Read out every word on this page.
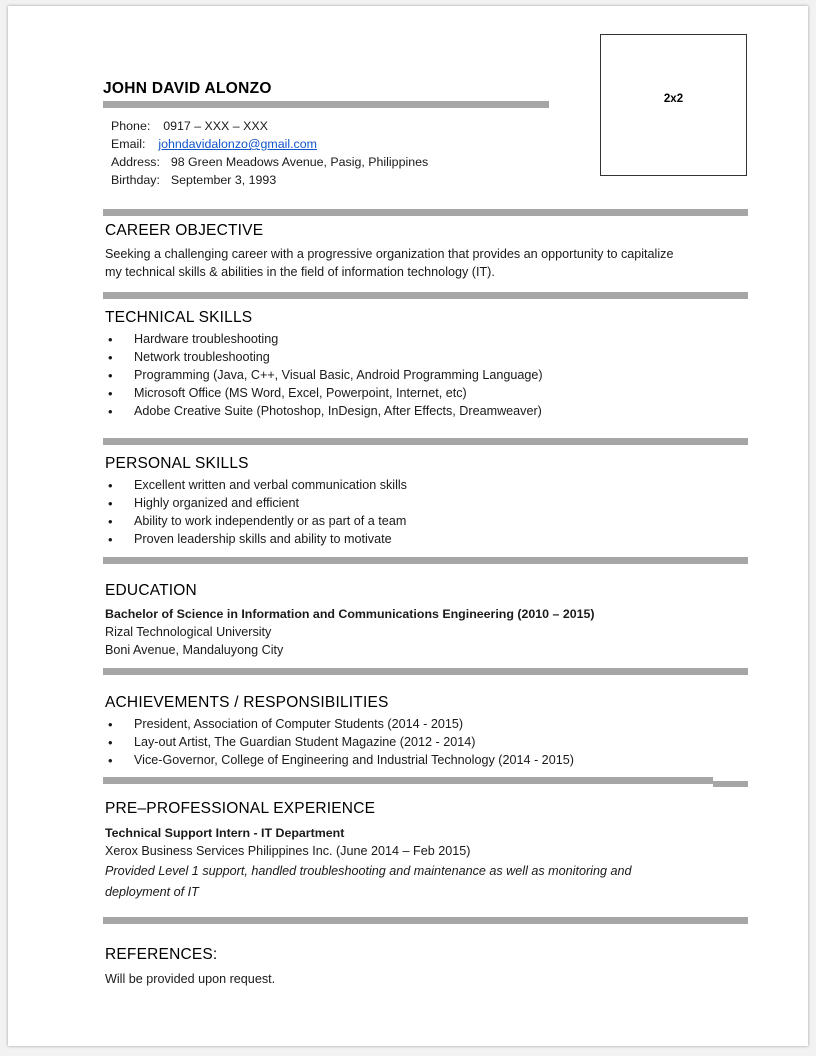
JOHN DAVID ALONZO
2x2
Phone: 0917 – XXX – XXX
Email: johndavidalonzo@gmail.com
Address: 98 Green Meadows Avenue, Pasig, Philippines
Birthday: September 3, 1993
CAREER OBJECTIVE
Seeking a challenging career with a progressive organization that provides an opportunity to capitalize
my technical skills & abilities in the field of information technology (IT).
TECHNICAL SKILLS
•	Hardware troubleshooting
•	Network troubleshooting
•	Programming (Java, C++, Visual Basic, Android Programming Language)
•	Microsoft Office (MS Word, Excel, Powerpoint, Internet, etc)
•	Adobe Creative Suite (Photoshop, InDesign, After Effects, Dreamweaver)
PERSONAL SKILLS
•	Excellent written and verbal communication skills
•	Highly organized and efficient
•	Ability to work independently or as part of a team
•	Proven leadership skills and ability to motivate
EDUCATION
Bachelor of Science in Information and Communications Engineering (2010 – 2015)
Rizal Technological University
Boni Avenue, Mandaluyong City
ACHIEVEMENTS / RESPONSIBILITIES
•	President, Association of Computer Students (2014 - 2015)
•	Lay-out Artist, The Guardian Student Magazine (2012 - 2014)
•	Vice-Governor, College of Engineering and Industrial Technology (2014 - 2015)
PRE–PROFESSIONAL EXPERIENCE
Technical Support Intern - IT Department
Xerox Business Services Philippines Inc. (June 2014 – Feb 2015)
Provided Level 1 support, handled troubleshooting and maintenance as well as monitoring and
deployment of IT
REFERENCES:
Will be provided upon request.
